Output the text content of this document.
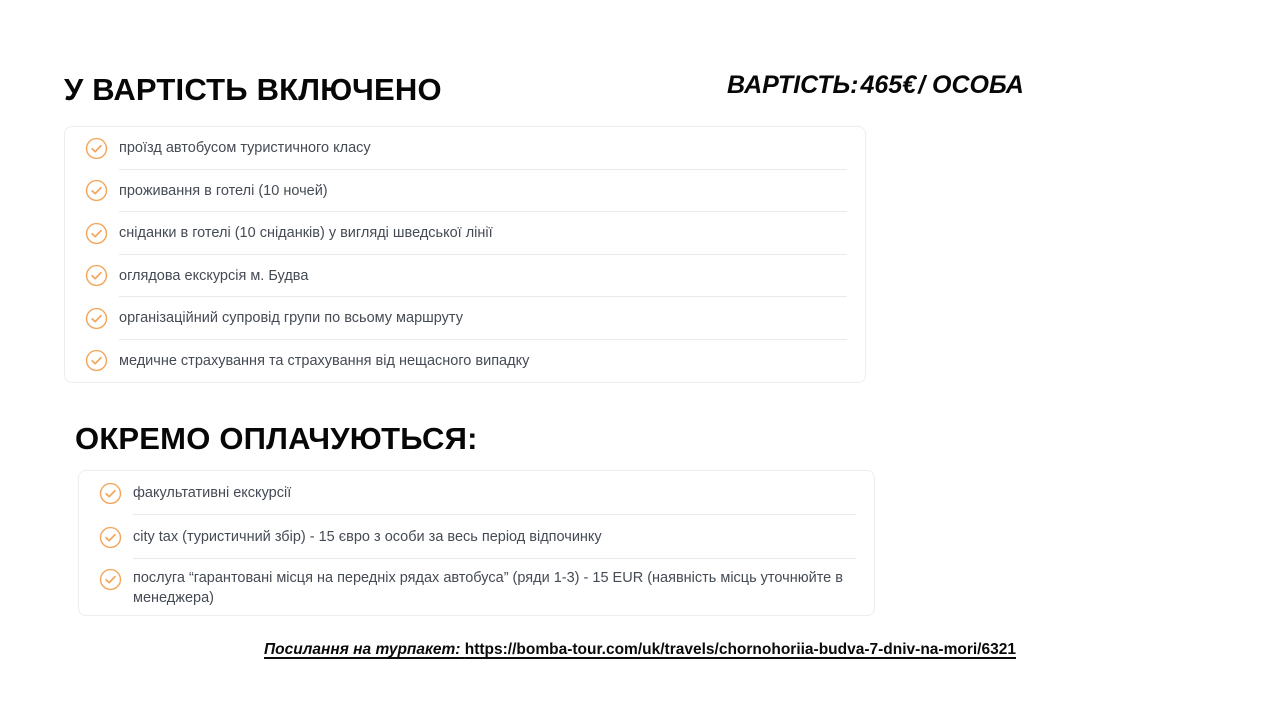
У ВАРТІСТЬ ВКЛЮЧЕНО	ВАРТІСТЬ:465€/ ОСОБА
проїзд автобусом туристичного класу
проживання в готелі (10 ночей)
сніданки в готелі (10 сніданків) у вигляді шведської лінії
оглядова екскурсія м. Будва
організаційний супровід групи по всьому маршруту
медичне страхування та страхування від нещасного випадку
ОКРЕМО ОПЛАЧУЮТЬСЯ:
факультативні екскурсії
city tax (туристичний збір) - 15 євро з особи за весь період відпочинку
послуга “гарантовані місця на передніх рядах автобуса” (ряди 1-3) - 15 EUR (наявність місць уточнюйте в менеджера)
Посилання на турпакет: https://bomba-tour.com/uk/travels/chornohoriia-budva-7-dniv-na-mori/6321
